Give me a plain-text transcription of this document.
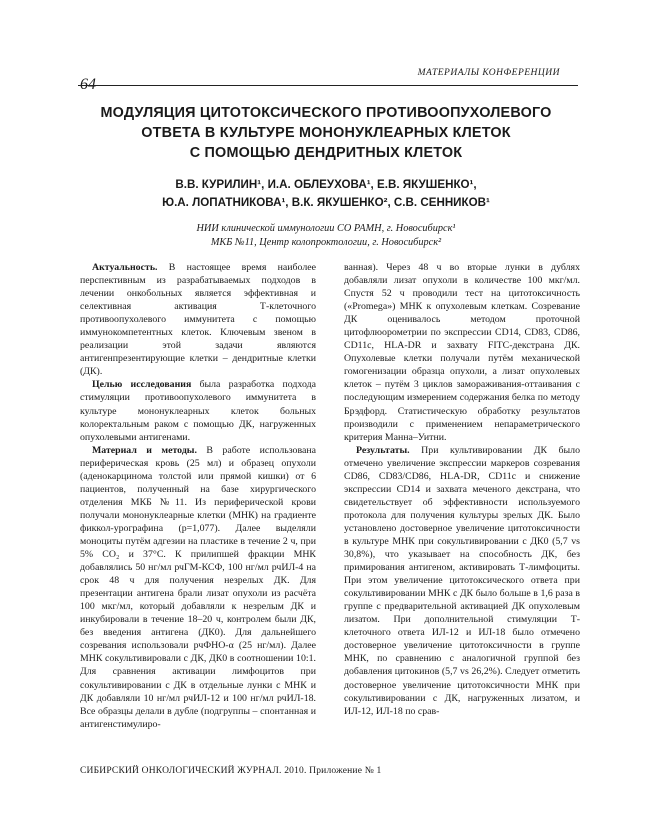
МАТЕРИАЛЫ КОНФЕРЕНЦИИ
64
МОДУЛЯЦИЯ ЦИТОТОКСИЧЕСКОГО ПРОТИВООПУХОЛЕВОГО
ОТВЕТА В КУЛЬТУРЕ МОНОНУКЛЕАРНЫХ КЛЕТОК
С ПОМОЩЬЮ ДЕНДРИТНЫХ КЛЕТОК
В.В. КУРИЛИН¹, И.А. ОБЛЕУХОВА¹, Е.В. ЯКУШЕНКО¹,
Ю.А. ЛОПАТНИКОВА¹, В.К. ЯКУШЕНКО², С.В. СЕННИКОВ¹
НИИ клинической иммунологии СО РАМН, г. Новосибирск¹
МКБ №11, Центр колопроктологии, г. Новосибирск²

Актуальность. В настоящее время наиболее перспективным из разрабатываемых подходов в лечении онкобольных является эффективная и селективная активация Т-клеточного противоопухолевого иммунитета с помощью иммунокомпетентных клеток. Ключевым звеном в реализации этой задачи являются антигенпрезентирующие клетки – дендритные клетки (ДК).

Целью исследования была разработка подхода стимуляции противоопухолевого иммунитета в культуре мононуклеарных клеток больных колоректальным раком с помощью ДК, нагруженных опухолевыми антигенами.

Материал и методы. В работе использована периферическая кровь (25 мл) и образец опухоли (аденокарцинома толстой или прямой кишки) от 6 пациентов, полученный на базе хирургического отделения МКБ №11. Из периферической крови получали мононуклеарные клетки (МНК) на градиенте фиккол-урографина (p=1,077). Далее выделяли моноциты путём адгезии на пластике в течение 2 ч, при 5% CO₂ и 37°С. К прилипшей фракции МНК добавлялись 50 нг/мл рчГМ-КСФ, 100 нг/мл рчИЛ-4 на срок 48 ч для получения незрелых ДК. Для презентации антигена брали лизат опухоли из расчёта 100 мкг/мл, который добавляли к незрелым ДК и инкубировали в течение 18–20 ч, контролем были ДК, без введения антигена (ДК0). Для дальнейшего созревания использовали рчФНО-α (25 нг/мл). Далее МНК сокультивировали с ДК, ДК0 в соотношении 10:1. Для сравнения активации лимфоцитов при сокультивировании с ДК в отдельные лунки с МНК и ДК добавляли 10 нг/мл рчИЛ-12 и 100 нг/мл рчИЛ-18. Все образцы делали в дубле (подгруппы – спонтанная и антигенстимулиро-

ванная). Через 48 ч во вторые лунки в дублях добавляли лизат опухоли в количестве 100 мкг/мл. Спустя 52 ч проводили тест на цитотоксичность («Promega») МНК к опухолевым клеткам. Созревание ДК оценивалось методом проточной цитофлюорометрии по экспрессии CD14, CD83, CD86, CD11c, HLA-DR и захвату FITC-декстрана ДК. Опухолевые клетки получали путём механической гомогенизации образца опухоли, а лизат опухолевых клеток – путём 3 циклов замораживания-оттаивания с последующим измерением содержания белка по методу Брэдфорд. Статистическую обработку результатов производили с применением непараметрического критерия Манна–Уитни.

Результаты. При культивировании ДК было отмечено увеличение экспрессии маркеров созревания CD86, CD83/CD86, HLA-DR, CD11c и снижение экспрессии CD14 и захвата меченого декстрана, что свидетельствует об эффективности используемого протокола для получения культуры зрелых ДК. Было установлено достоверное увеличение цитотоксичности в культуре МНК при сокультивировании с ДК0 (5,7 vs 30,8%), что указывает на способность ДК, без примирования антигеном, активировать Т-лимфоциты. При этом увеличение цитотоксического ответа при сокультивировании МНК с ДК было больше в 1,6 раза в группе с предварительной активацией ДК опухолевым лизатом. При дополнительной стимуляции Т-клеточного ответа ИЛ-12 и ИЛ-18 было отмечено достоверное увеличение цитотоксичности в группе МНК, по сравнению с аналогичной группой без добавления цитокинов (5,7 vs 26,2%). Следует отметить достоверное увеличение цитотоксичности МНК при сокультивировании с ДК, нагруженных лизатом, и ИЛ-12, ИЛ-18 по срав-

СИБИРСКИЙ ОНКОЛОГИЧЕСКИЙ ЖУРНАЛ. 2010. Приложение № 1
